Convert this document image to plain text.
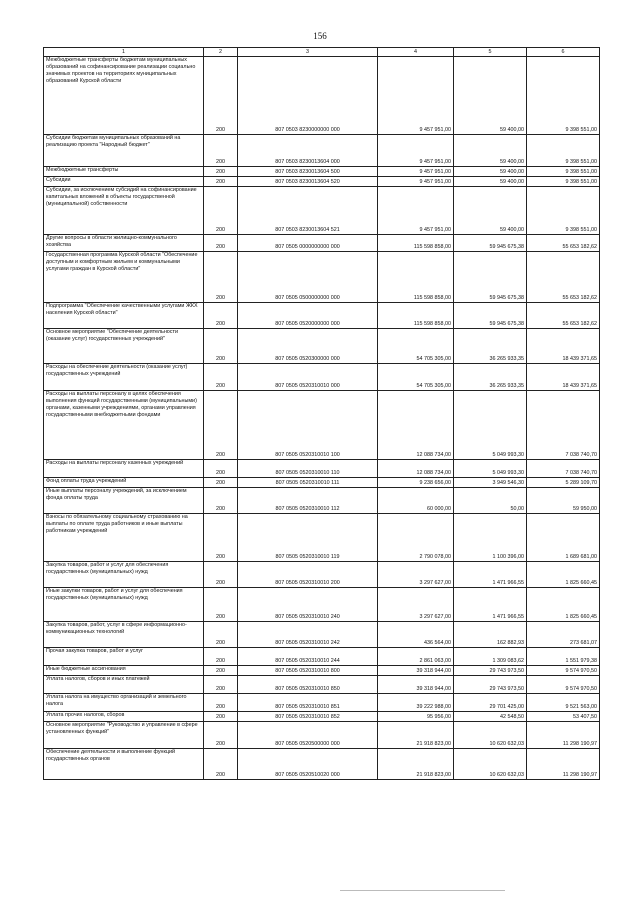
156
1	2	3	4	5	6
Межбюджетные трансферты бюджетам муниципальных образований на софинансирование реализации социально значимых проектов на территориях муниципальных образований Курской области	200	807 0503 8230000000 000	9 457 951,00	59 400,00	9 398 551,00
Субсидии бюджетам муниципальных образований на реализацию проекта "Народный бюджет"	200	807 0503 8230013604 000	9 457 951,00	59 400,00	9 398 551,00
Межбюджетные трансферты	200	807 0503 8230013604 500	9 457 951,00	59 400,00	9 398 551,00
Субсидии	200	807 0503 8230013604 520	9 457 951,00	59 400,00	9 398 551,00
Субсидии, за исключением субсидий на софинансирование капитальных вложений в объекты государственной (муниципальной) собственности	200	807 0503 8230013604 521	9 457 951,00	59 400,00	9 398 551,00
Другие вопросы в области жилищно-коммунального хозяйства	200	807 0505 0000000000 000	115 598 858,00	59 945 675,38	55 653 182,62
Государственная программа Курской области "Обеспечение доступным и комфортным жильем и коммунальными услугами граждан в Курской области"	200	807 0505 0500000000 000	115 598 858,00	59 945 675,38	55 653 182,62
Подпрограмма "Обеспечение качественными услугами ЖКХ населения Курской области"	200	807 0505 0520000000 000	115 598 858,00	59 945 675,38	55 653 182,62
Основное мероприятие "Обеспечение деятельности (оказание услуг) государственных учреждений"	200	807 0505 0520300000 000	54 705 305,00	36 265 933,35	18 439 371,65
Расходы на обеспечение деятельности (оказание услуг) государственных учреждений	200	807 0505 0520310010 000	54 705 305,00	36 265 933,35	18 439 371,65
Расходы на выплаты персоналу в целях обеспечения выполнения функций государственными (муниципальными) органами, казенными учреждениями, органами управления государственными внебюджетными фондами	200	807 0505 0520310010 100	12 088 734,00	5 049 993,30	7 038 740,70
Расходы на выплаты персоналу казенных учреждений	200	807 0505 0520310010 110	12 088 734,00	5 049 993,30	7 038 740,70
Фонд оплаты труда учреждений	200	807 0505 0520310010 111	9 238 656,00	3 949 546,30	5 289 109,70
Иные выплаты персоналу учреждений, за исключением фонда оплаты труда	200	807 0505 0520310010 112	60 000,00	50,00	59 950,00
Взносы по обязательному социальному страхованию на выплаты по оплате труда работников и иные выплаты работникам учреждений	200	807 0505 0520310010 119	2 790 078,00	1 100 396,00	1 689 681,00
Закупка товаров, работ и услуг для обеспечения государственных (муниципальных) нужд	200	807 0505 0520310010 200	3 297 627,00	1 471 966,55	1 825 660,45
Иные закупки товаров, работ и услуг для обеспечения государственных (муниципальных) нужд	200	807 0505 0520310010 240	3 297 627,00	1 471 966,55	1 825 660,45
Закупка товаров, работ, услуг в сфере информационно-коммуникационных технологий	200	807 0505 0520310010 242	436 564,00	162 882,93	273 681,07
Прочая закупка товаров, работ и услуг	200	807 0505 0520310010 244	2 861 063,00	1 309 083,62	1 551 979,38
Иные бюджетные ассигнования	200	807 0505 0520310010 800	39 318 944,00	29 743 973,50	9 574 970,50
Уплата налогов, сборов и иных платежей	200	807 0505 0520310010 850	39 318 944,00	29 743 973,50	9 574 970,50
Уплата налога на имущество организаций и земельного налога	200	807 0505 0520310010 851	39 222 988,00	29 701 425,00	9 521 563,00
Уплата прочих налогов, сборов	200	807 0505 0520310010 852	95 956,00	42 548,50	53 407,50
Основное мероприятие "Руководство и управление в сфере установленных функций"	200	807 0505 0520500000 000	21 918 823,00	10 620 632,03	11 298 190,97
Обеспечение деятельности и выполнение функций государственных органов	200	807 0505 0520510020 000	21 918 823,00	10 620 632,03	11 298 190,97
